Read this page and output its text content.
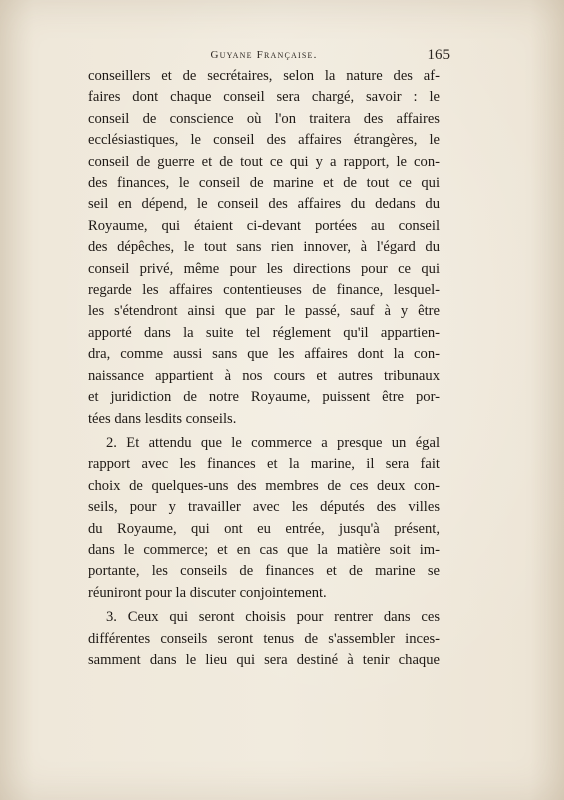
Guyane Française.	165

conseillers et de secrétaires, selon la nature des af-
faires dont chaque conseil sera chargé, savoir : le
conseil de conscience où l'on traitera des affaires
ecclésiastiques, le conseil des affaires étrangères, le
conseil de guerre et de tout ce qui y a rapport, le con-
des finances, le conseil de marine et de tout ce qui
seil en dépend, le conseil des affaires du dedans du
Royaume, qui étaient ci-devant portées au conseil
des dépêches, le tout sans rien innover, à l'égard du
conseil privé, même pour les directions pour ce qui
regarde les affaires contentieuses de finance, lesquel-
les s'étendront ainsi que par le passé, sauf à y être
apporté dans la suite tel réglement qu'il appartien-
dra, comme aussi sans que les affaires dont la con-
naissance appartient à nos cours et autres tribunaux
et juridiction de notre Royaume, puissent être por-
tées dans lesdits conseils.

2. Et attendu que le commerce a presque un égal
rapport avec les finances et la marine, il sera fait
choix de quelques-uns des membres de ces deux con-
seils, pour y travailler avec les députés des villes
du Royaume, qui ont eu entrée, jusqu'à présent,
dans le commerce; et en cas que la matière soit im-
portante, les conseils de finances et de marine se
réuniront pour la discuter conjointement.

3. Ceux qui seront choisis pour rentrer dans ces
différentes conseils seront tenus de s'assembler inces-
samment dans le lieu qui sera destiné à tenir chaque
